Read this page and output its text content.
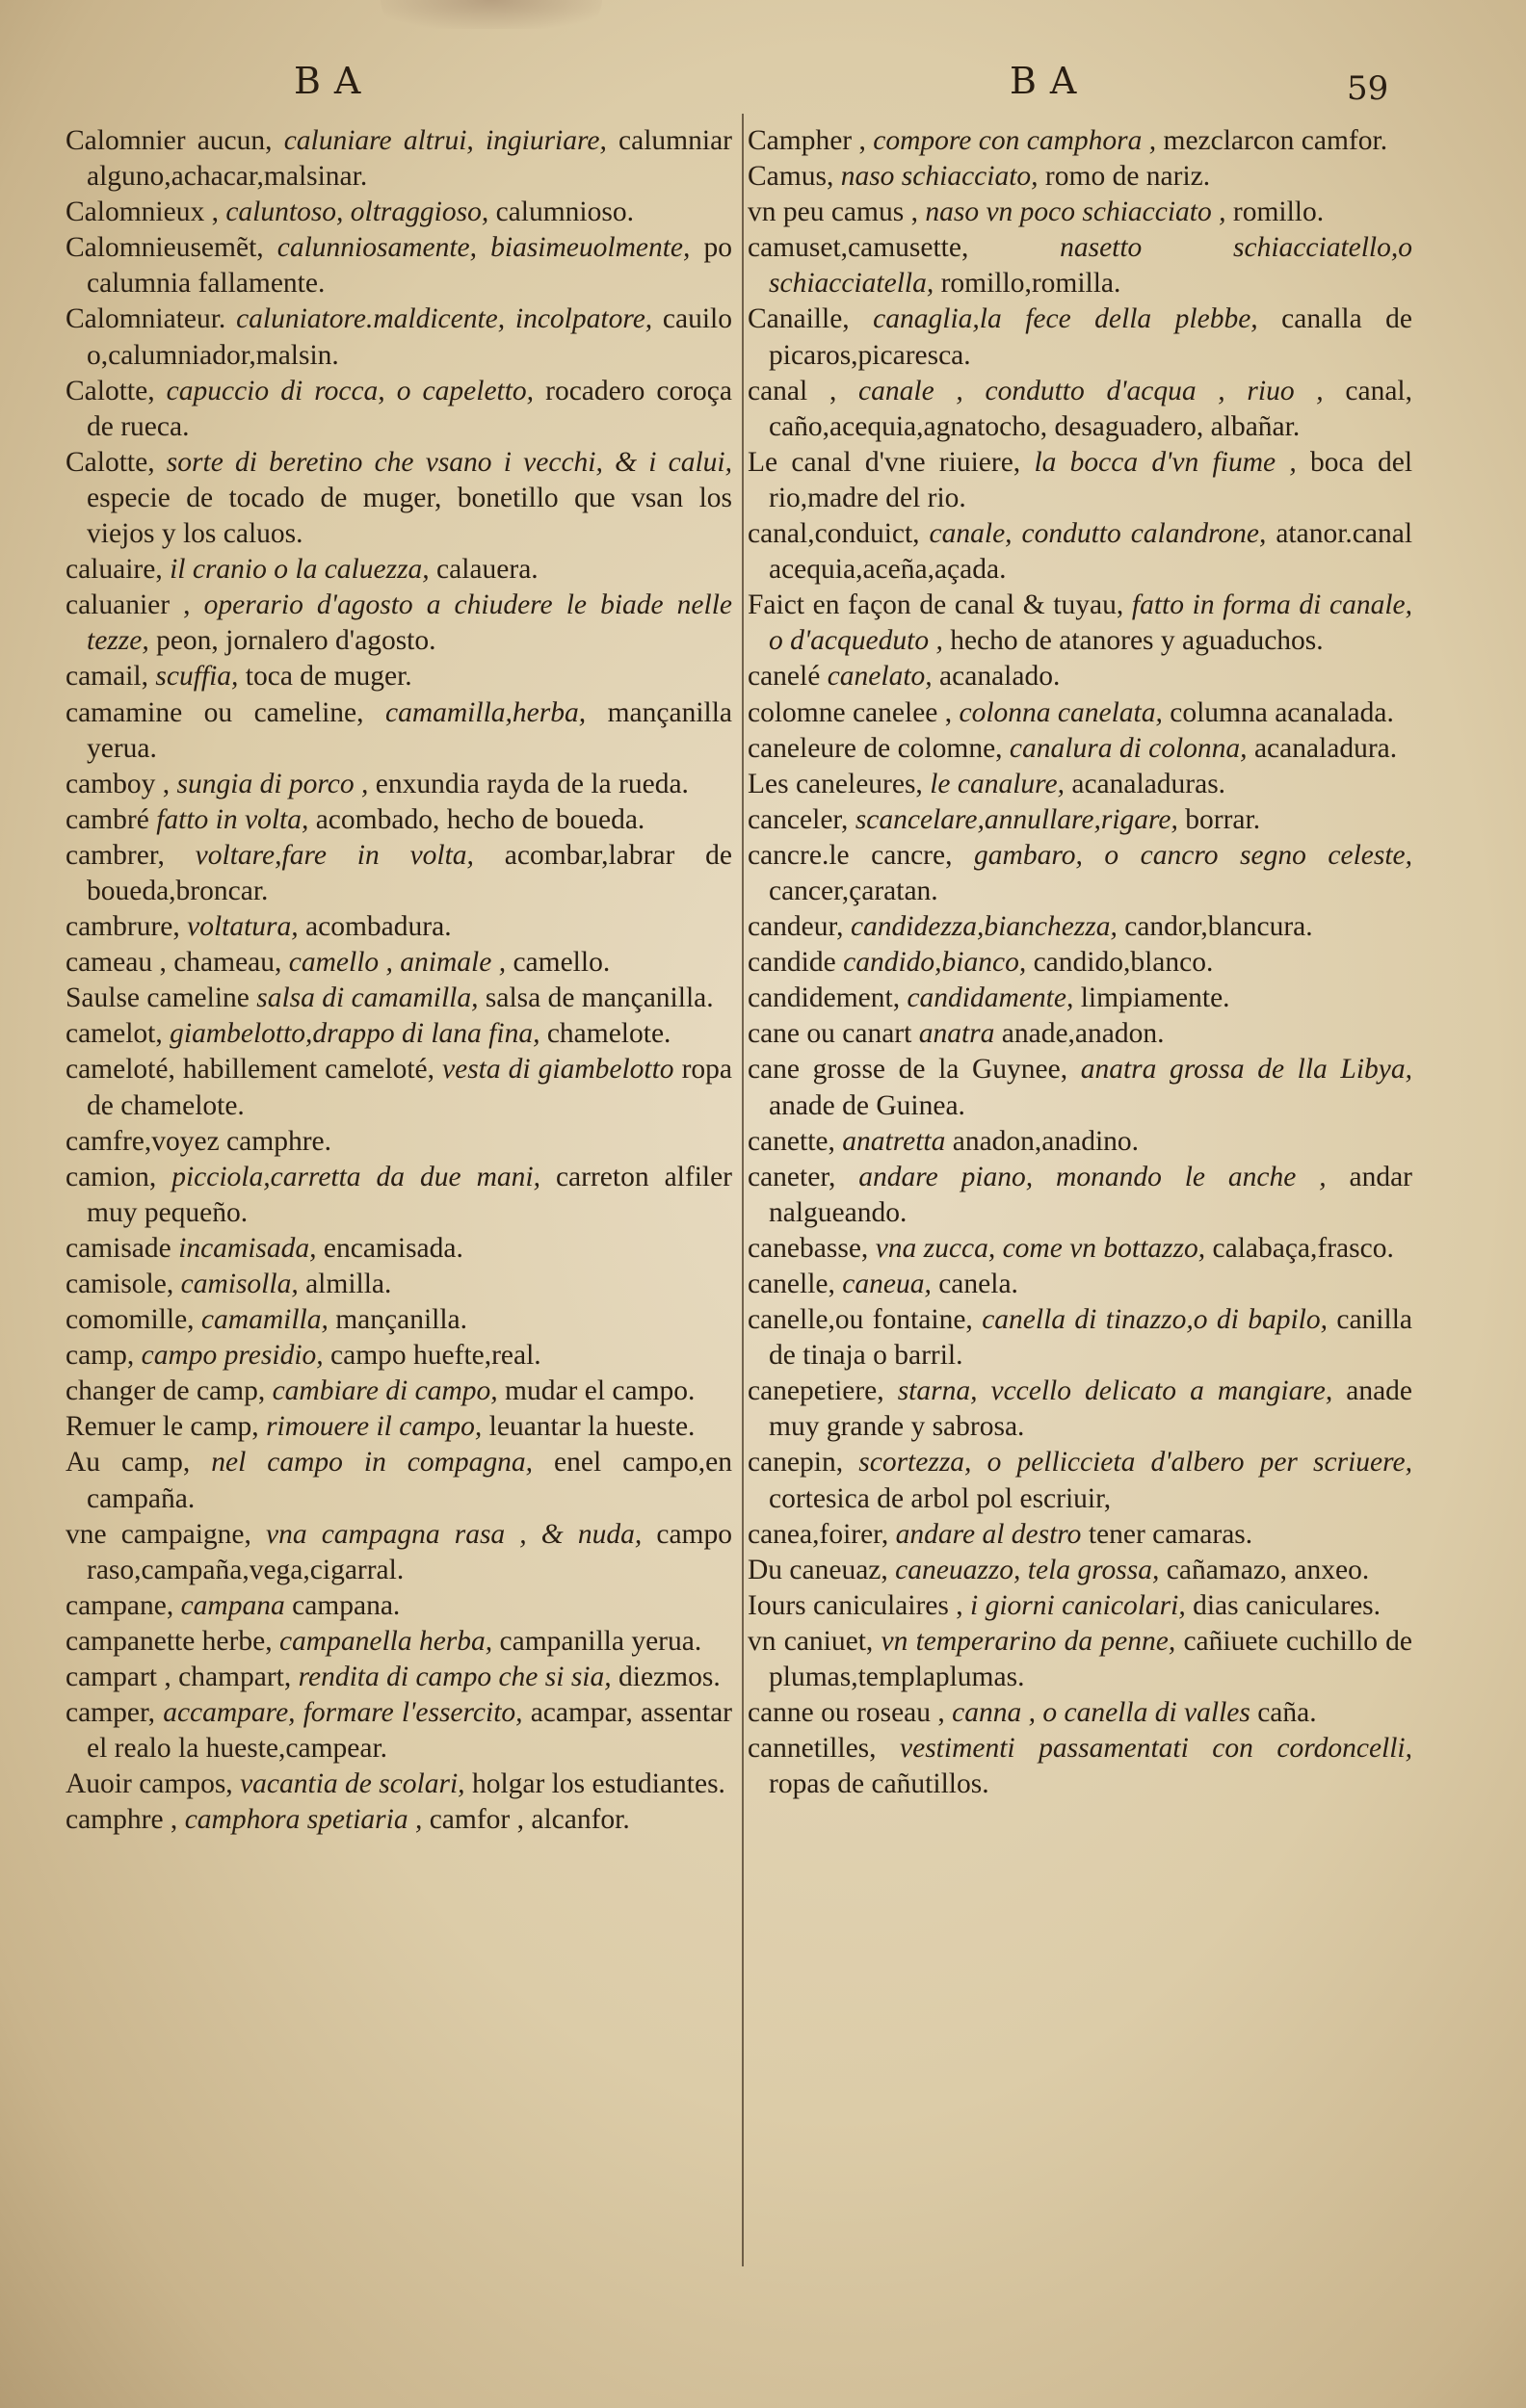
BA	BA	59

Calomnier aucun, caluniare altrui, ingiuriare, calumniar alguno,achacar,malsinar.

Calomnieux , caluntoso, oltraggioso, calumnioso.

Calomnieusemẽt, calunniosamente, biasimeuolmente, po calumnia fallamente.

Calomniateur. caluniatore.maldicente, incolpatore, cauilo o,calumniador,malsin.

Calotte, capuccio di rocca, o capeletto, rocadero coroça de rueca.

Calotte, sorte di beretino che vsano i vecchi, & i calui, especie de tocado de muger, bonetillo que vsan los viejos y los caluos.

caluaire, il cranio o la caluezza, calauera.

caluanier , operario d'agosto a chiudere le biade nelle tezze, peon, jornalero d'agosto.

camail, scuffia, toca de muger.

camamine ou cameline, camamilla,herba, mançanilla yerua.

camboy , sungia di porco , enxundia rayda de la rueda.

cambré fatto in volta, acombado, hecho de boueda.

cambrer, voltare,fare in volta, acombar,labrar de boueda,broncar.

cambrure, voltatura, acombadura.

cameau , chameau, camello , animale , camello.

Saulse cameline salsa di camamilla, salsa de mançanilla.

camelot, giambelotto,drappo di lana fina, chamelote.

cameloté, habillement cameloté, vesta di giambelotto ropa de chamelote.

camfre,voyez camphre.

camion, picciola,carretta da due mani, carreton alfiler muy pequeño.

camisade incamisada, encamisada.

camisole, camisolla, almilla.

comomille, camamilla, mançanilla.

camp, campo presidio, campo huefte,real.

changer de camp, cambiare di campo, mudar el campo.

Remuer le camp, rimouere il campo, leuantar la hueste.

Au camp, nel campo in compagna, enel campo,en campaña.

vne campaigne, vna campagna rasa , & nuda, campo raso,campaña,vega,cigarral.

campane, campana campana.

campanette herbe, campanella herba, campanilla yerua.

campart , champart, rendita di campo che si sia, diezmos.

camper, accampare, formare l'essercito, acampar, assentar el realo la hueste,campear.

Auoir campos, vacantia de scolari, holgar los estudiantes.

camphre , camphora spetiaria , camfor , alcanfor.

Campher , compore con camphora , mezclarcon camfor.

Camus, naso schiacciato, romo de nariz.

vn peu camus , naso vn poco schiacciato , romillo.

camuset,camusette,	nasetto schiacciatello,o schiacciatella, romillo,romilla.

Canaille, canaglia,la fece della plebbe, canalla de picaros,picaresca.

canal , canale , condutto d'acqua , riuo , canal, caño,acequia,agnatocho, desaguadero, albañar.

Le canal d'vne riuiere, la bocca d'vn fiume , boca del rio,madre del rio.

canal,conduict, canale, condutto calandrone, atanor.canal acequia,aceña,açada.

Faict en façon de canal & tuyau, fatto in forma di canale, o d'acqueduto , hecho de atanores y aguaduchos.

canelé canelato, acanalado.

colomne canelee , colonna canelata, columna acanalada.

caneleure de colomne, canalura di colonna, acanaladura.

Les caneleures, le canalure, acanaladuras.

canceler, scancelare,annullare,rigare, borrar.

cancre.le cancre, gambaro, o cancro segno celeste, cancer,çaratan.

candeur, candidezza,bianchezza, candor,blancura.

candide candido,bianco, candido,blanco.

candidement, candidamente, limpiamente.

cane ou canart anatra anade,anadon.

cane grosse de la Guynee, anatra grossa de lla Libya, anade de Guinea.

canette, anatretta anadon,anadino.

caneter, andare piano, monando le anche , andar nalgueando.

canebasse, vna zucca, come vn bottazzo, calabaça,frasco.

canelle, caneua, canela.

canelle,ou fontaine, canella di tinazzo,o di bapilo, canilla de tinaja o barril.

canepetiere, starna, vccello delicato a mangiare, anade muy grande y sabrosa.

canepin, scortezza, o pelliccieta d'albero per scriuere, cortesica de arbol pol escriuir,

canea,foirer, andare al destro tener camaras.

Du caneuaz, caneuazzo, tela grossa, cañamazo, anxeo.

Iours caniculaires , i giorni canicolari, dias caniculares.

vn caniuet, vn temperarino da penne, cañiuete cuchillo de plumas,templaplumas.

canne ou roseau , canna , o canella di valles caña.

cannetilles, vestimenti passamentati con cordoncelli, ropas de cañutillos.
